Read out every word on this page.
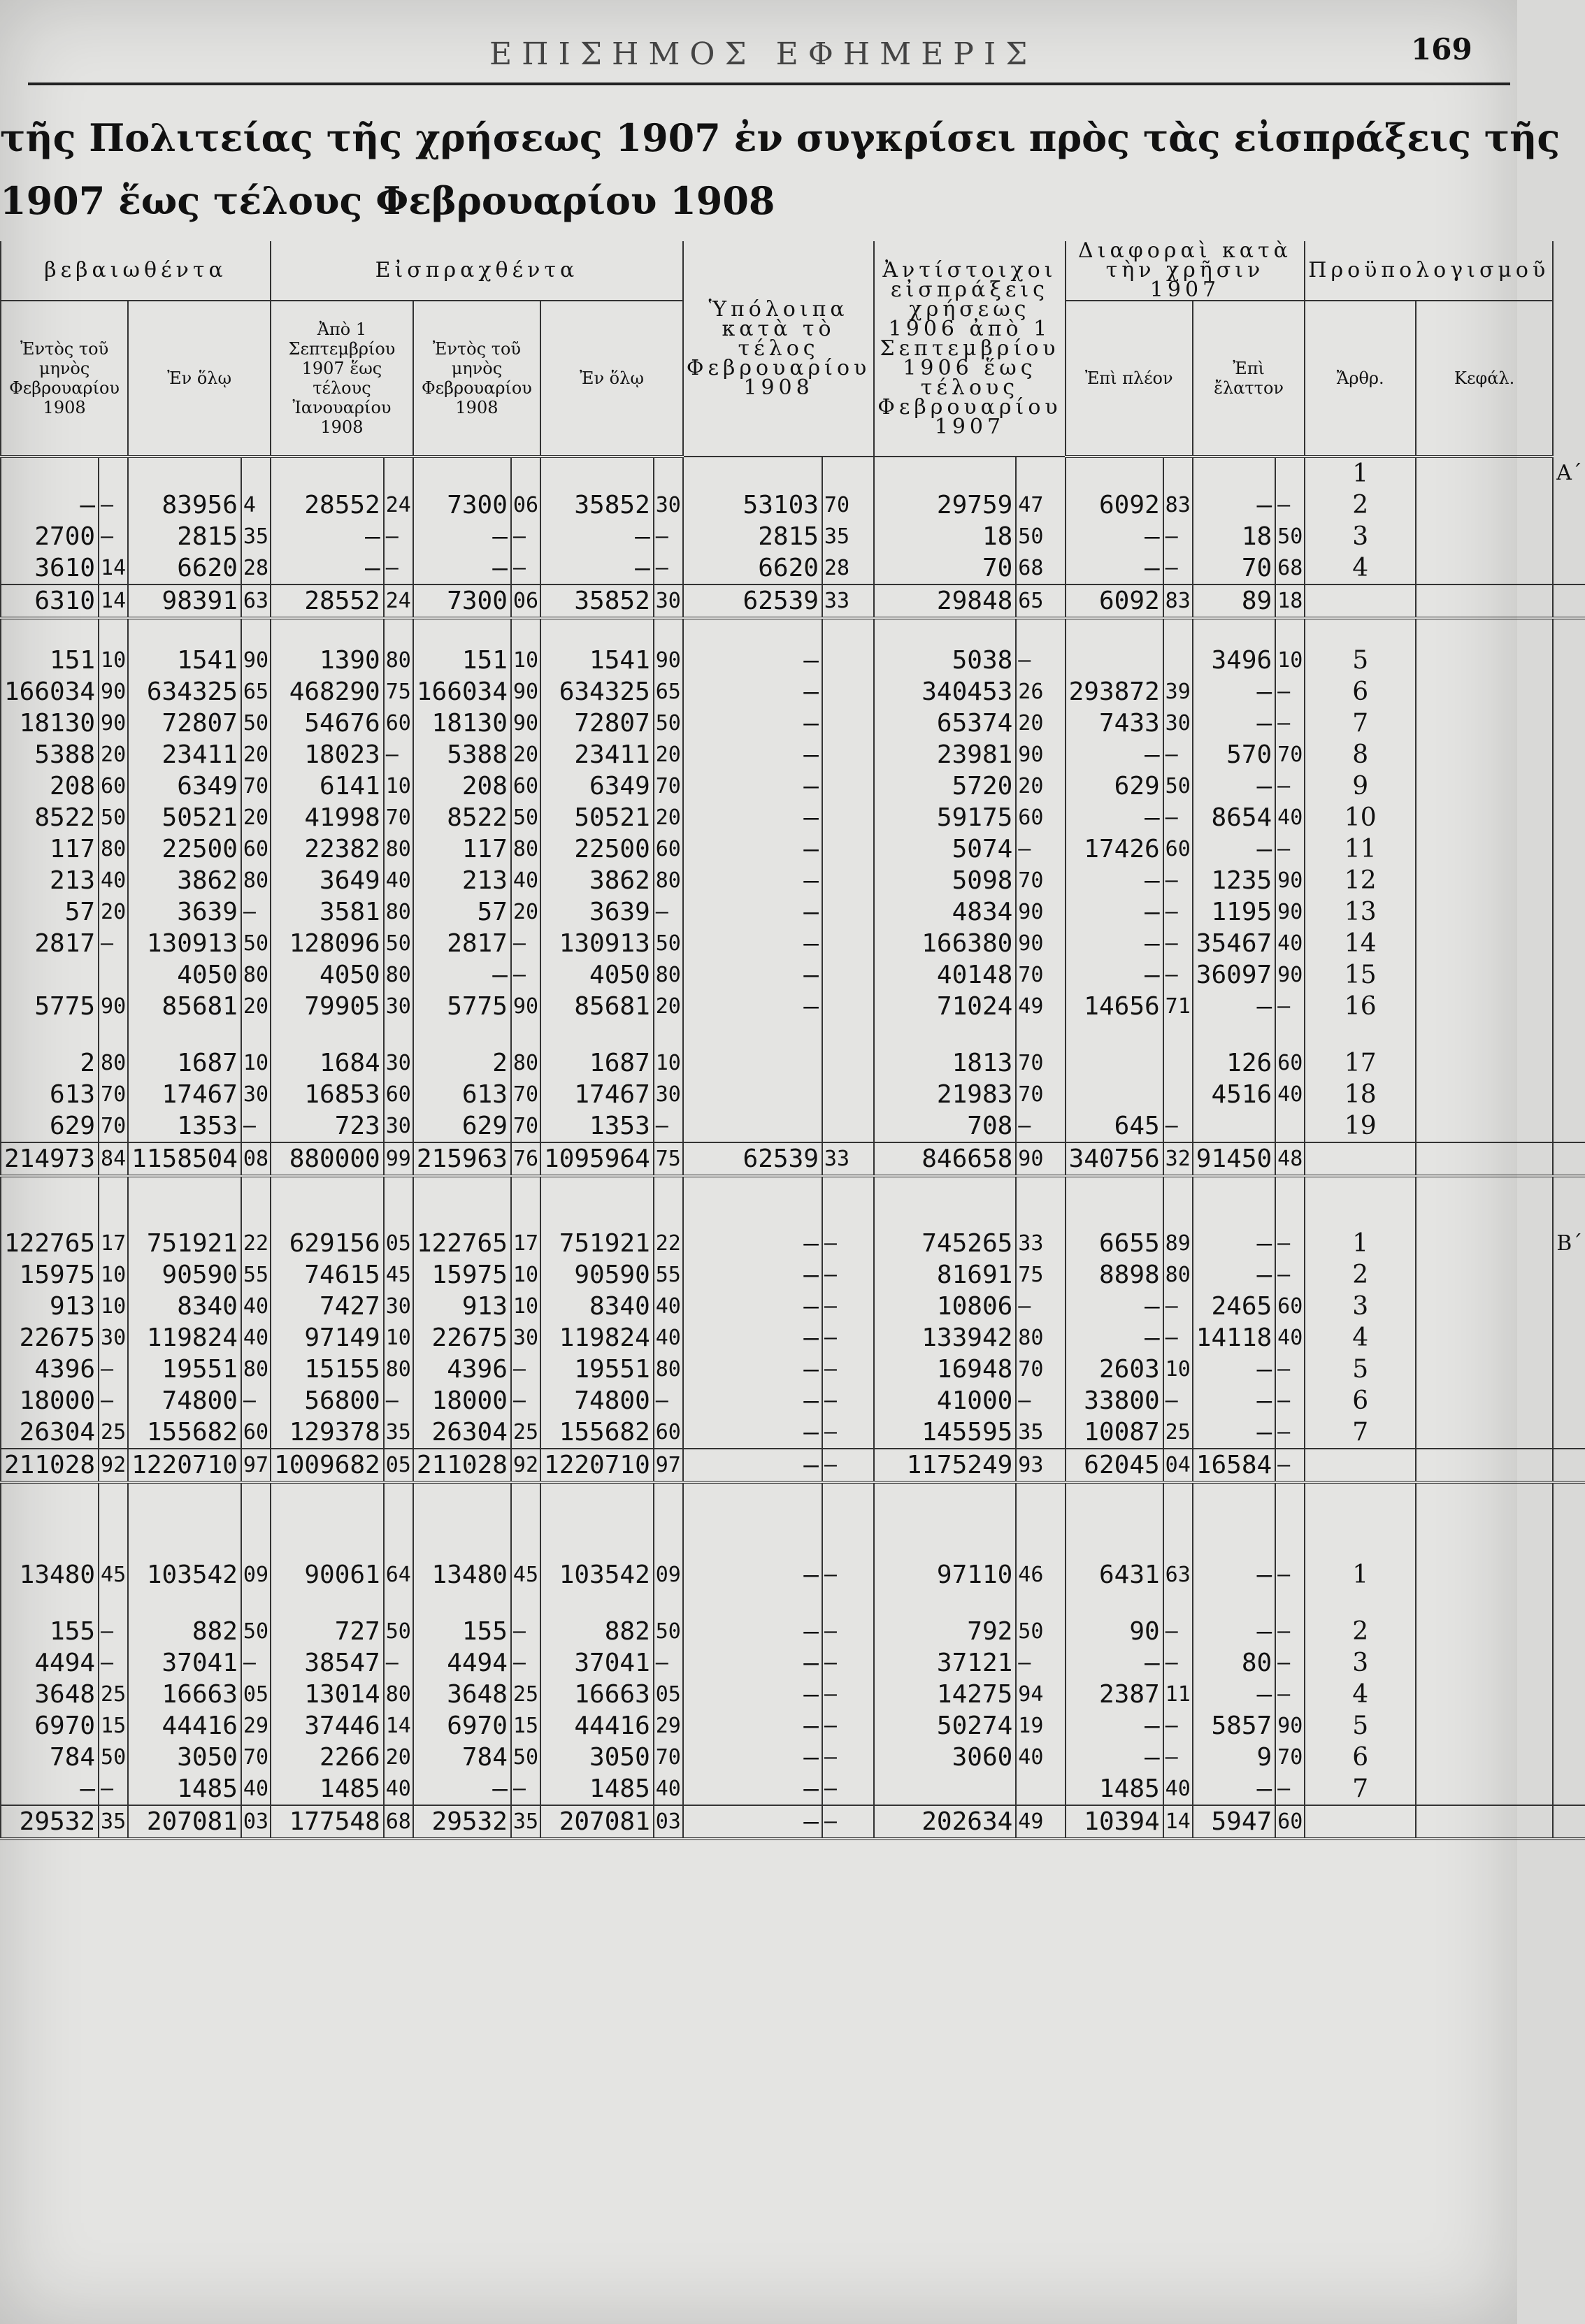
ΕΠΙΣΗΜΟΣ ΕΦΗΜΕΡΙΣ	169
τῆς Πολιτείας τῆς χρήσεως 1907 ἐν συγκρίσει πρὸς τὰς εἰσπράξεις τῆς
1907 ἕως τέλους Φεβρουαρίου 1908
βεβαιωθέντα				Εἰσπραχθέντα						Ὑπόλοιπα κατὰ τὸ τέλος Φεβρουαρίου 1908		Ἀντίστοιχοι εἰσπράξεις χρήσεως 1906 ἀπὸ 1 Σεπτεμβρίου 1906 ἕως τέλους Φεβρουαρίου 1907		Διαφοραὶ κατὰ τὴν χρῆσιν 1907				Προϋπολογισμοῦ		
Ἐντὸς τοῦ μηνὸς Φεβρουαρίου 1908		Ἐν ὅλῳ		Ἀπὸ 1 Σεπτεμβρίου 1907 ἕως τέλους Ἰανουαρίου 1908		Ἐντὸς τοῦ μηνὸς Φεβρουαρίου 1908		Ἐν ὅλῳ						Ἐπὶ πλέον		Ἐπὶ ἔλαττον		Ἄρθρ.	Κεφάλ.	
																		1		Α΄
—	—	83956	4	28552	24	7300	06	35852	30	53103	70	29759	47	6092	83	—	—	2		
2700	—	2815	35	—	—	—	—	—	—	2815	35	18	50	—	—	18	50	3		
3610	14	6620	28	—	—	—	—	—	—	6620	28	70	68	—	—	70	68	4		
6310	14	98391	63	28552	24	7300	06	35852	30	62539	33	29848	65	6092	83	89	18			

151	10	1541	90	1390	80	151	10	1541	90	—		5038	—			3496	10	5		
166034	90	634325	65	468290	75	166034	90	634325	65	—		340453	26	293872	39	—	—	6		
18130	90	72807	50	54676	60	18130	90	72807	50	—		65374	20	7433	30	—	—	7		
5388	20	23411	20	18023	—	5388	20	23411	20	—		23981	90	—	—	570	70	8		
208	60	6349	70	6141	10	208	60	6349	70	—		5720	20	629	50	—	—	9		
8522	50	50521	20	41998	70	8522	50	50521	20	—		59175	60	—	—	8654	40	10		
117	80	22500	60	22382	80	117	80	22500	60	—		5074	—	17426	60	—	—	11		
213	40	3862	80	3649	40	213	40	3862	80	—		5098	70	—	—	1235	90	12		
57	20	3639	—	3581	80	57	20	3639	—	—		4834	90	—	—	1195	90	13		
2817	—	130913	50	128096	50	2817	—	130913	50	—		166380	90	—	—	35467	40	14		
		4050	80	4050	80	—	—	4050	80	—		40148	70	—	—	36097	90	15		
5775	90	85681	20	79905	30	5775	90	85681	20	—		71024	49	14656	71	—	—	16		

2	80	1687	10	1684	30	2	80	1687	10			1813	70			126	60	17		
613	70	17467	30	16853	60	613	70	17467	30			21983	70			4516	40	18		
629	70	1353	—	723	30	629	70	1353	—			708	—	645	—			19		
214973	84	1158504	08	880000	99	215963	76	1095964	75	62539	33	846658	90	340756	32	91450	48			

122765	17	751921	22	629156	05	122765	17	751921	22	—	—	745265	33	6655	89	—	—	1		Β΄
15975	10	90590	55	74615	45	15975	10	90590	55	—	—	81691	75	8898	80	—	—	2		
913	10	8340	40	7427	30	913	10	8340	40	—	—	10806	—	—	—	2465	60	3		
22675	30	119824	40	97149	10	22675	30	119824	40	—	—	133942	80	—	—	14118	40	4		
4396	—	19551	80	15155	80	4396	—	19551	80	—	—	16948	70	2603	10	—	—	5		
18000	—	74800	—	56800	—	18000	—	74800	—	—	—	41000	—	33800	—	—	—	6		
26304	25	155682	60	129378	35	26304	25	155682	60	—	—	145595	35	10087	25	—	—	7		
211028	92	1220710	97	1009682	05	211028	92	1220710	97	—	—	1175249	93	62045	04	16584	—			

13480	45	103542	09	90061	64	13480	45	103542	09	—	—	97110	46	6431	63	—	—	1		

155	—	882	50	727	50	155	—	882	50	—	—	792	50	90	—	—	—	2		
4494	—	37041	—	38547	—	4494	—	37041	—	—	—	37121	—	—	—	80	—	3		
3648	25	16663	05	13014	80	3648	25	16663	05	—	—	14275	94	2387	11	—	—	4		
6970	15	44416	29	37446	14	6970	15	44416	29	—	—	50274	19	—	—	5857	90	5		
784	50	3050	70	2266	20	784	50	3050	70	—	—	3060	40	—	—	9	70	6		
—	—	1485	40	1485	40	—	—	1485	40	—	—			1485	40	—	—	7		
29532	35	207081	03	177548	68	29532	35	207081	03	—	—	202634	49	10394	14	5947	60			
